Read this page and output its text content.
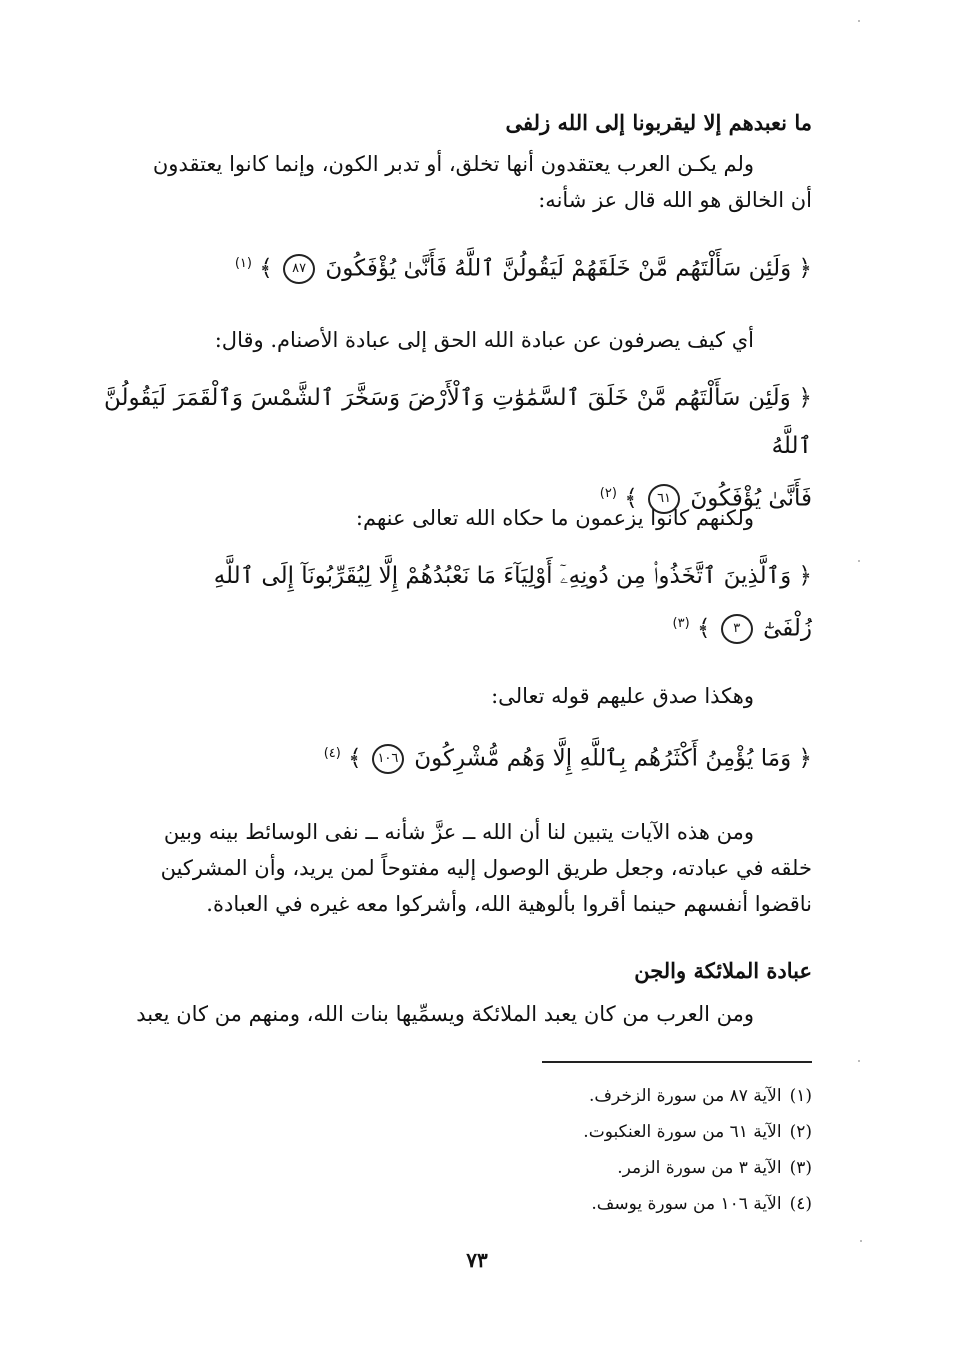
ما نعبدهم إلا ليقربونا إلى الله زلفى
ولم يكـن العرب يعتقدون أنها تخلق، أو تدبر الكون، وإنما كانوا يعتقدون
أن الخالق هو الله قال عز شأنه:
﴿ وَلَئِن سَأَلْتَهُم مَّنْ خَلَقَهُمْ لَيَقُولُنَّ ٱللَّهُ فَأَنَّىٰ يُؤْفَكُونَ ٨٧ ﴾ $^{(١)}$
أي كيف يصرفون عن عبادة الله الحق إلى عبادة الأصنام. وقال:
﴿ وَلَئِن سَأَلْتَهُم مَّنْ خَلَقَ ٱلسَّمَٰوَٰتِ وَٱلْأَرْضَ وَسَخَّرَ ٱلشَّمْسَ وَٱلْقَمَرَ لَيَقُولُنَّ ٱللَّهُ
فَأَنَّىٰ يُؤْفَكُونَ ٦١ ﴾ $^{(٢)}$
ولكنهم كانوا يزعمون ما حكاه الله تعالى عنهم:
﴿ وَٱلَّذِينَ ٱتَّخَذُوا۟ مِن دُونِهِۦٓ أَوْلِيَآءَ مَا نَعْبُدُهُمْ إِلَّا لِيُقَرِّبُونَآ إِلَى ٱللَّهِ
زُلْفَىٰٓ ٣ ﴾ $^{(٣)}$
وهكذا صدق عليهم قوله تعالى:
﴿ وَمَا يُؤْمِنُ أَكْثَرُهُم بِٱللَّهِ إِلَّا وَهُم مُّشْرِكُونَ ١٠٦ ﴾ $^{(٤)}$
ومن هذه الآيات يتبين لنا أن الله ــ عزَّ شأنه ــ نفى الوسائط بينه وبين
خلقه في عبادته، وجعل طريق الوصول إليه مفتوحاً لمن يريد، وأن المشركين
ناقضوا أنفسهم حينما أقروا بألوهية الله، وأشركوا معه غيره في العبادة.
عبادة الملائكة والجن
ومن العرب من كان يعبد الملائكة ويسمِّيها بنات الله، ومنهم من كان يعبد
(١)الآية ٨٧ من سورة الزخرف.
(٢)الآية ٦١ من سورة العنكبوت.
(٣)الآية ٣ من سورة الزمر.
(٤)الآية ١٠٦ من سورة يوسف.
٧٣
